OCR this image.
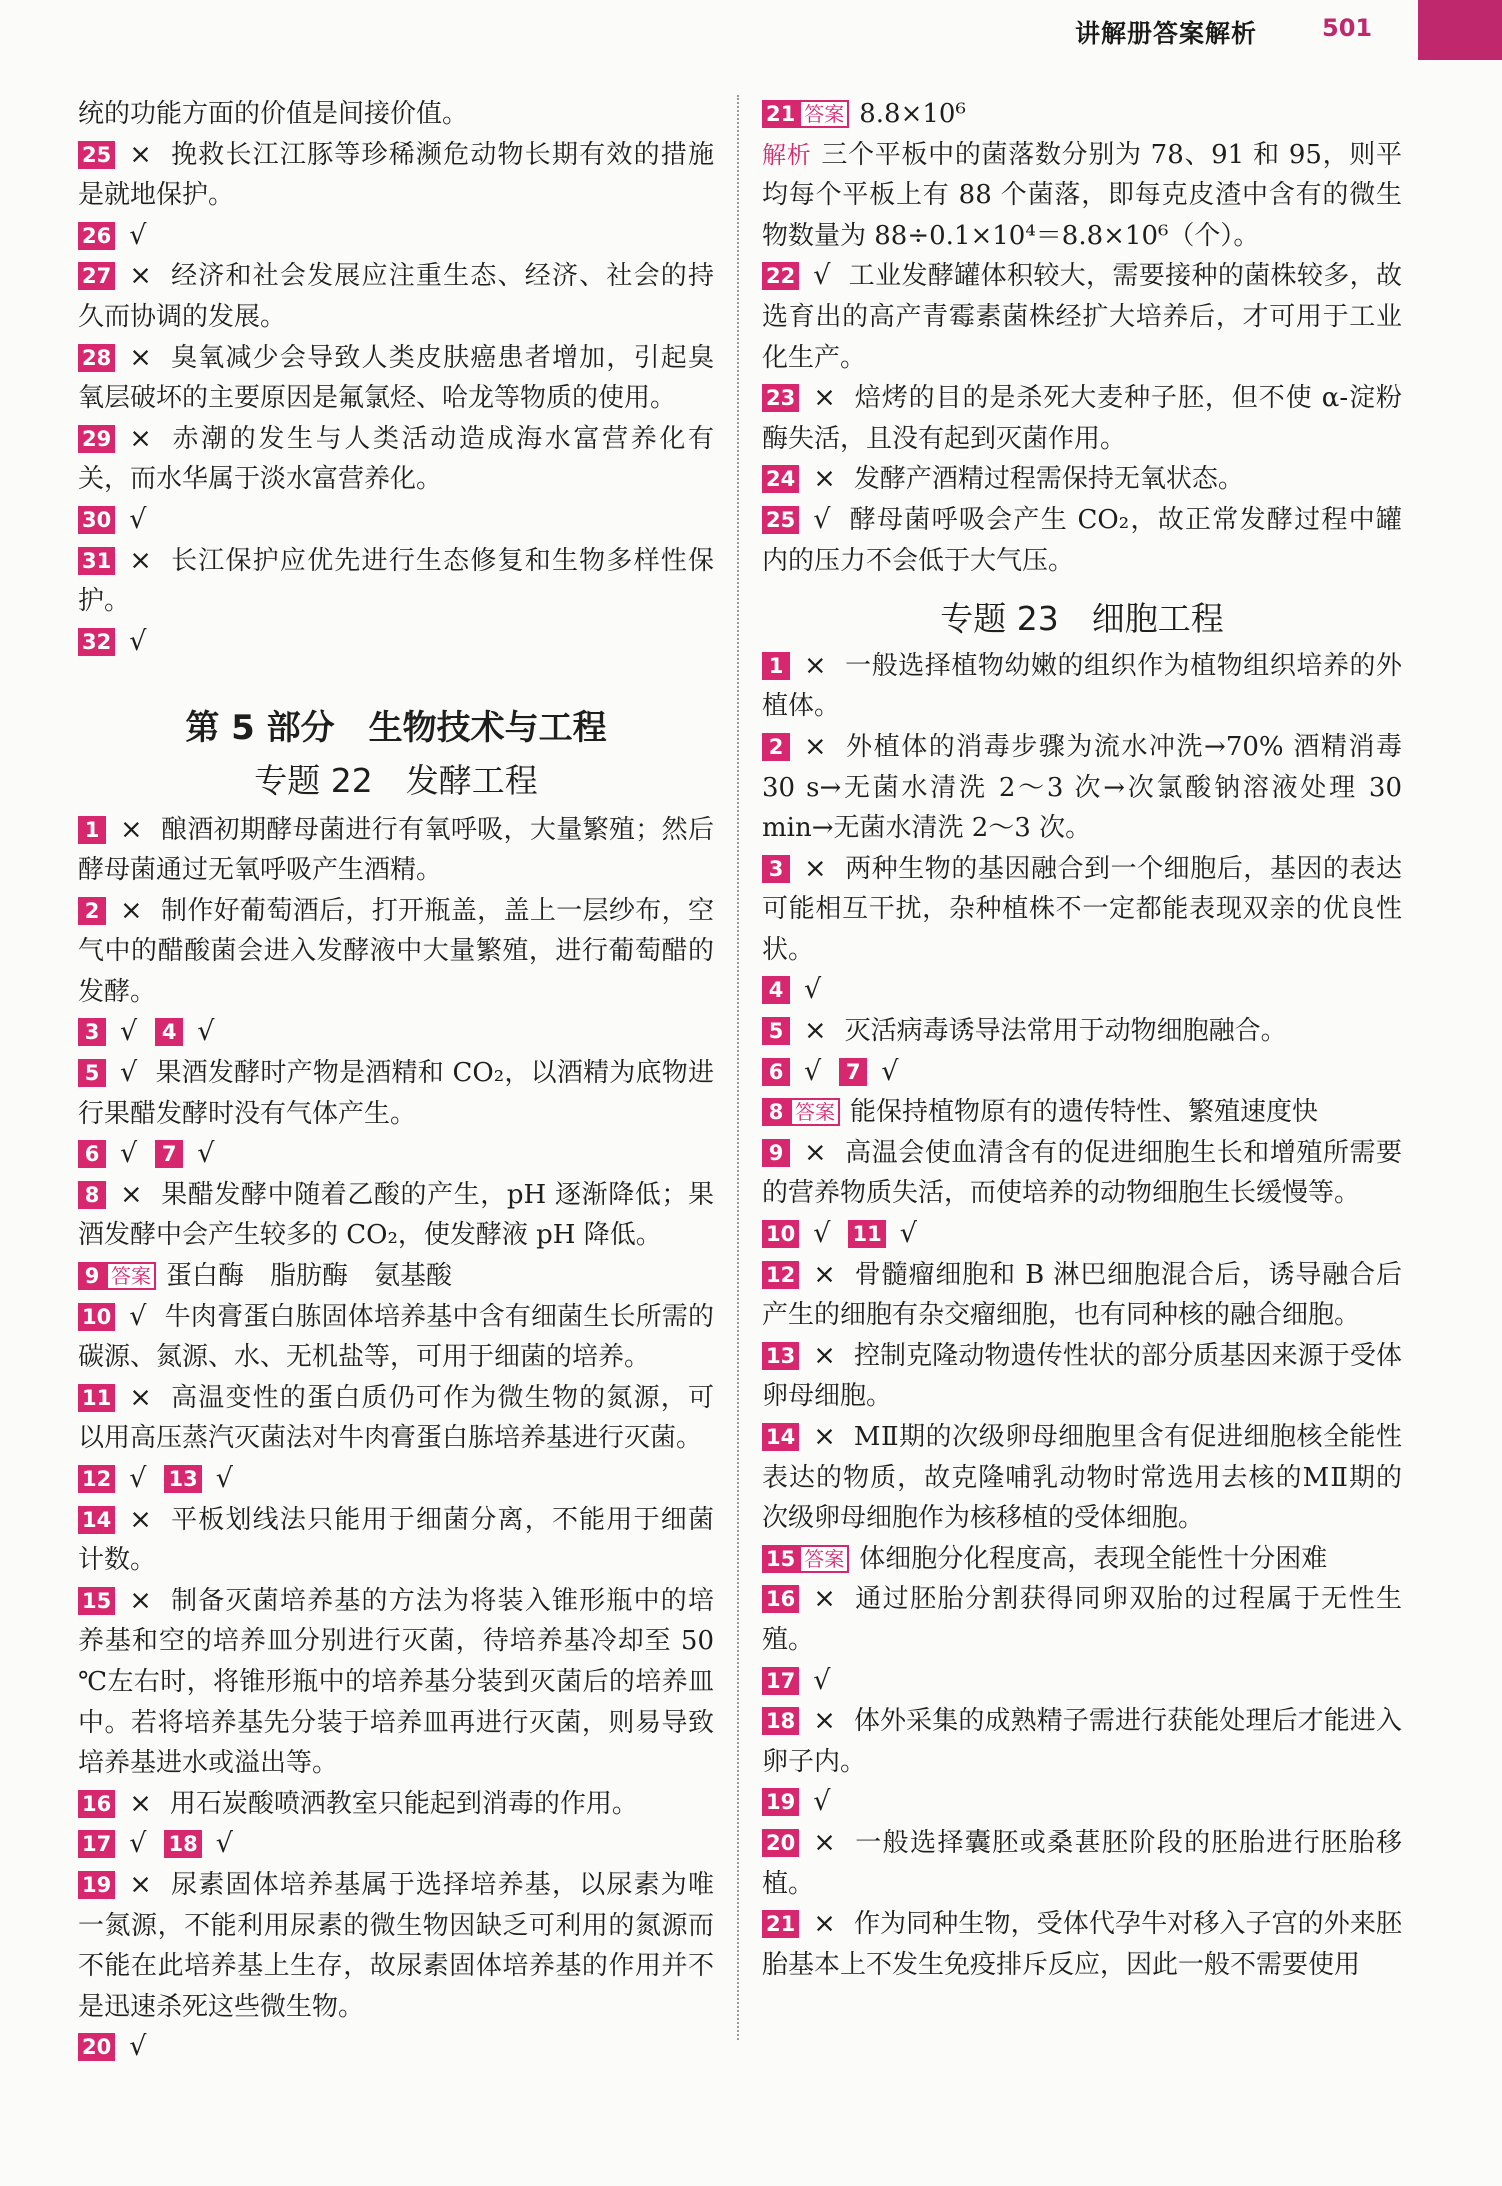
讲解册答案解析	501

统的功能方面的价值是间接价值。

25 × 挽救长江江豚等珍稀濒危动物长期有效的措施是就地保护。

26 √

27 × 经济和社会发展应注重生态、经济、社会的持久而协调的发展。

28 × 臭氧减少会导致人类皮肤癌患者增加，引起臭氧层破坏的主要原因是氟氯烃、哈龙等物质的使用。

29 × 赤潮的发生与人类活动造成海水富营养化有关，而水华属于淡水富营养化。

30 √

31 × 长江保护应优先进行生态修复和生物多样性保护。

32 √

第 5 部分　生物技术与工程
专题 22　发酵工程

1 × 酿酒初期酵母菌进行有氧呼吸，大量繁殖；然后酵母菌通过无氧呼吸产生酒精。

2 × 制作好葡萄酒后，打开瓶盖，盖上一层纱布，空气中的醋酸菌会进入发酵液中大量繁殖，进行葡萄醋的发酵。

3 √ 4 √

5 √ 果酒发酵时产物是酒精和 CO₂，以酒精为底物进行果醋发酵时没有气体产生。

6 √ 7 √

8 × 果醋发酵中随着乙酸的产生，pH 逐渐降低；果酒发酵中会产生较多的 CO₂，使发酵液 pH 降低。

9 答案 蛋白酶　脂肪酶　氨基酸

10 √ 牛肉膏蛋白胨固体培养基中含有细菌生长所需的碳源、氮源、水、无机盐等，可用于细菌的培养。

11 × 高温变性的蛋白质仍可作为微生物的氮源，可以用高压蒸汽灭菌法对牛肉膏蛋白胨培养基进行灭菌。

12 √ 13 √

14 × 平板划线法只能用于细菌分离，不能用于细菌计数。

15 × 制备灭菌培养基的方法为将装入锥形瓶中的培养基和空的培养皿分别进行灭菌，待培养基冷却至 50 ℃左右时，将锥形瓶中的培养基分装到灭菌后的培养皿中。若将培养基先分装于培养皿再进行灭菌，则易导致培养基进水或溢出等。

16 × 用石炭酸喷洒教室只能起到消毒的作用。

17 √ 18 √

19 × 尿素固体培养基属于选择培养基，以尿素为唯一氮源，不能利用尿素的微生物因缺乏可利用的氮源而不能在此培养基上生存，故尿素固体培养基的作用并不是迅速杀死这些微生物。

20 √

21 答案 8.8×10⁶

解析 三个平板中的菌落数分别为 78、91 和 95，则平均每个平板上有 88 个菌落，即每克皮渣中含有的微生物数量为 88÷0.1×10⁴＝8.8×10⁶（个）。

22 √ 工业发酵罐体积较大，需要接种的菌株较多，故选育出的高产青霉素菌株经扩大培养后，才可用于工业化生产。

23 × 焙烤的目的是杀死大麦种子胚，但不使 α-淀粉酶失活，且没有起到灭菌作用。

24 × 发酵产酒精过程需保持无氧状态。

25 √ 酵母菌呼吸会产生 CO₂，故正常发酵过程中罐内的压力不会低于大气压。

专题 23　细胞工程

1 × 一般选择植物幼嫩的组织作为植物组织培养的外植体。

2 × 外植体的消毒步骤为流水冲洗→70% 酒精消毒 30 s→无菌水清洗 2～3 次→次氯酸钠溶液处理 30 min→无菌水清洗 2～3 次。

3 × 两种生物的基因融合到一个细胞后，基因的表达可能相互干扰，杂种植株不一定都能表现双亲的优良性状。

4 √

5 × 灭活病毒诱导法常用于动物细胞融合。

6 √ 7 √

8 答案 能保持植物原有的遗传特性、繁殖速度快

9 × 高温会使血清含有的促进细胞生长和增殖所需要的营养物质失活，而使培养的动物细胞生长缓慢等。

10 √ 11 √

12 × 骨髓瘤细胞和 B 淋巴细胞混合后，诱导融合后产生的细胞有杂交瘤细胞，也有同种核的融合细胞。

13 × 控制克隆动物遗传性状的部分质基因来源于受体卵母细胞。

14 × MⅡ期的次级卵母细胞里含有促进细胞核全能性表达的物质，故克隆哺乳动物时常选用去核的MⅡ期的次级卵母细胞作为核移植的受体细胞。

15 答案 体细胞分化程度高，表现全能性十分困难

16 × 通过胚胎分割获得同卵双胎的过程属于无性生殖。

17 √

18 × 体外采集的成熟精子需进行获能处理后才能进入卵子内。

19 √

20 × 一般选择囊胚或桑葚胚阶段的胚胎进行胚胎移植。

21 × 作为同种生物，受体代孕牛对移入子宫的外来胚胎基本上不发生免疫排斥反应，因此一般不需要使用
